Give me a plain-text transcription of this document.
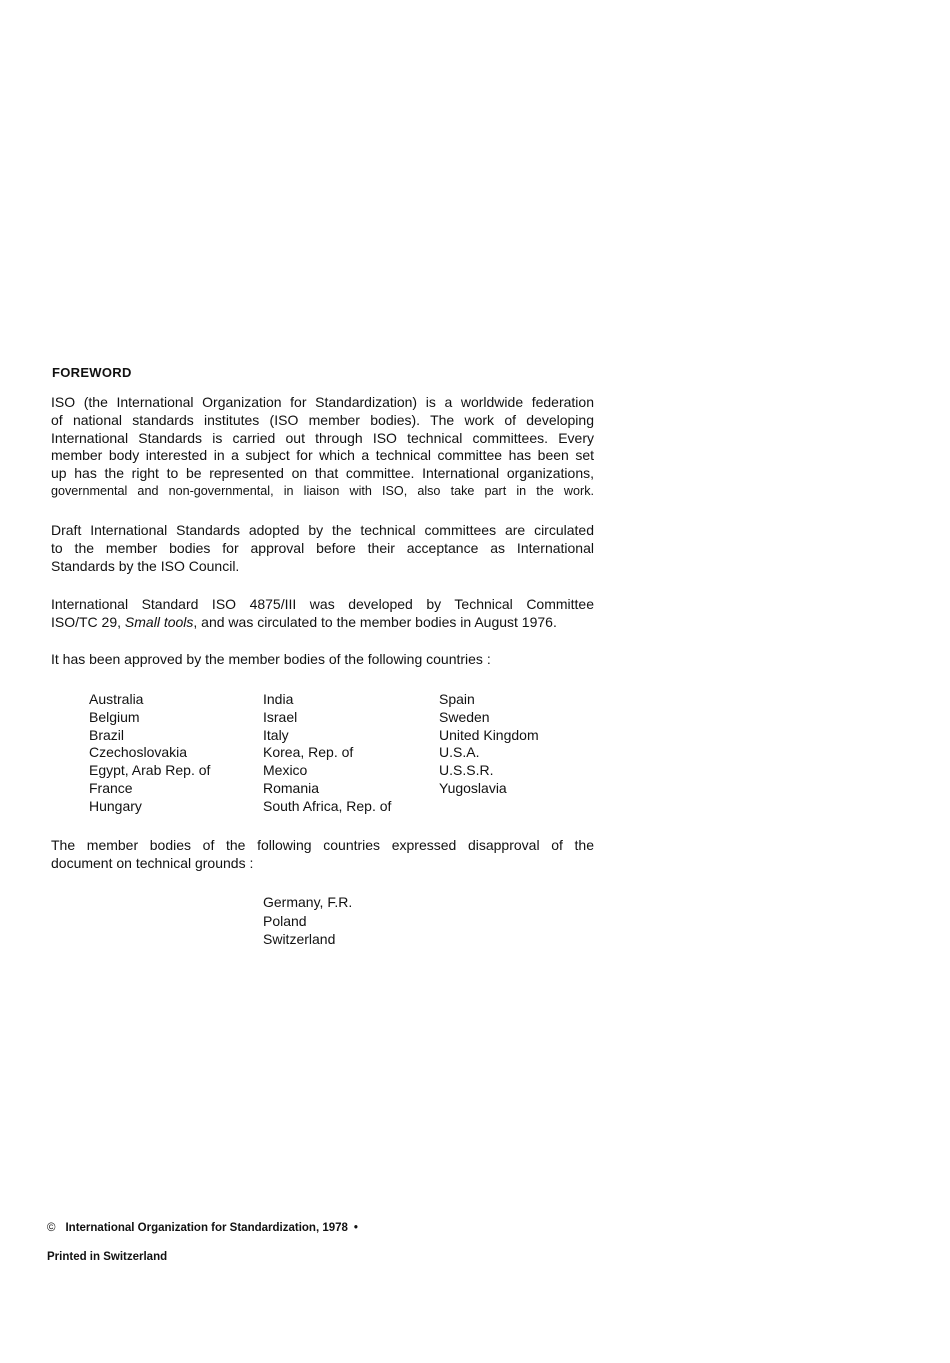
FOREWORD
ISO (the International Organization for Standardization) is a worldwide federation
of national standards institutes (ISO member bodies). The work of developing
International Standards is carried out through ISO technical committees. Every
member body interested in a subject for which a technical committee has been set
up has the right to be represented on that committee. International organizations,
governmental and non-governmental, in liaison with ISO, also take part in the work.
Draft International Standards adopted by the technical committees are circulated
to the member bodies for approval before their acceptance as International
Standards by the ISO Council.
International Standard ISO 4875/III was developed by Technical Committee
ISO/TC 29, Small tools, and was circulated to the member bodies in August 1976.
It has been approved by the member bodies of the following countries :
Australia
Belgium
Brazil
Czechoslovakia
Egypt, Arab Rep. of
France
Hungary
India
Israel
Italy
Korea, Rep. of
Mexico
Romania
South Africa, Rep. of
Spain
Sweden
United Kingdom
U.S.A.
U.S.S.R.
Yugoslavia
The member bodies of the following countries expressed disapproval of the
document on technical grounds :
Germany, F.R.
Poland
Switzerland
© International Organization for Standardization, 1978 •
Printed in Switzerland
